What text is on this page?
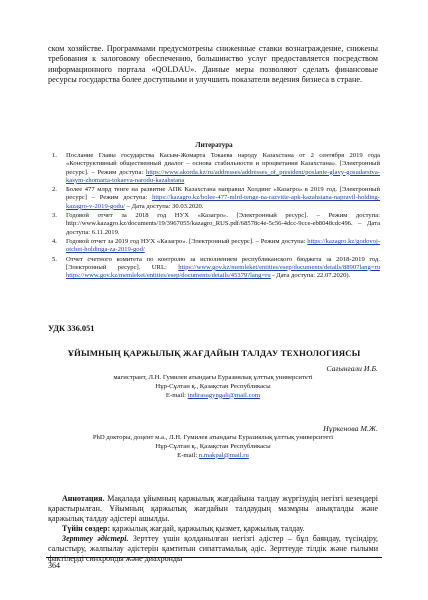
ском хозяйстве. Программами предусмотрены сниженные ставки вознаграждение, снижены требования к залоговому обеспечению, большинство услуг предоставляется посредством информационного портала «QOLDAU». Данные меры позволяют сделать финансовые ресурсы государства более доступными и улучшить показатели ведения бизнеса в стране.

Литература

1. Послание Главы государства Касым-Жомарта Токаева народу Казахстана от 2 сентября 2019 года «Конструктивный общественный диалог – основа стабильности и процветания Казахстана». [Электронный ресурс]. – Режим доступа: https://www.akorda.kz/ru/addresses/addresses_of_president/poslanie-glavy-gosudarstva-kasym-zhomarta-tokaeva-narodu-kazahstana
2. Более 477 млрд тенге на развитие АПК Казахстана направил Холдинг «Казагро» в 2019 год. [Электронный ресурс] – Режим доступа: https://kazagro.kz/bolee-477-mlrd-tenge-na-razvitie-apk-kazahstana-napravil-holding-kazagro-v-2019-godu/ – Дата доступа: 30.03.2020.
3. Годовой отчет за 2018 год НУХ «Казагро». [Электронный ресурс]. – Режим доступа: http://www.kazagro.kz/documents/19/3967055/kazagro_RUS.pdf/68578c4e-5c56-4dcc-9cce-eb8048cdc496. – Дата доступа: 6.11.2019.
4. Годовой отчет за 2019 год НУХ «Казагро». [Электронный ресурс]. – Режим доступа: https://kazagro.kz/godovoj-otchet-holdinga-za-2019-god/
5. Отчет счетного комитета по контролю за исполнением республиканского бюджета за 2018-2019 год. [Электронный ресурс]. URL: https://www.gov.kz/memleket/entities/esep/documents/details/88907lang=ru https://www.gov.kz/memleket/entities/esep/documents/details/45379?lang=ru - Дата доступа: 22.07.2020).

УДК 336.051

ҰЙЫМНЫҢ ҚАРЖЫЛЫҚ ЖАҒДАЙЫН ТАЛДАУ ТЕХНОЛОГИЯСЫ

Сағынғали И.Б.
магистрант, Л.Н. Гумилев атындағы Еуразиялық ұлттық университеті
Нұр-Сұлтан қ., Қазақстан Республикасы
E-mail: indirasagyngali@mail.com
Нұркенова М.Ж.
PhD докторы, доцент м.а., Л.Н. Гумилев атындағы Еуразиялық ұлттық университеті
Нұр-Сұлтан қ., Қазақстан Республикасы
E-mail: n.makpal@mail.ru

Аннотация. Мақалада ұйымның қаржылық жағдайына талдау жүргізудің негізгі кезеңдері қарастырылған. Ұйымның қаржылық жағдайын талдаудың мазмұны анықталды және қаржылық талдау әдістері ашылды.

Түйін сөздер: қаржылық жағдай, қаржылық қызмет, қаржылық талдау.

Зерттеу әдістері. Зерттеу үшін қолданылған негізгі әдістер – бұл баяндау, түсіндіру, салыстыру, жалпылау әдістерін қамтитын сипаттамалық әдіс. Зерттеуде тілдік және ғылыми фактілерді синхронды және диахронды

364
